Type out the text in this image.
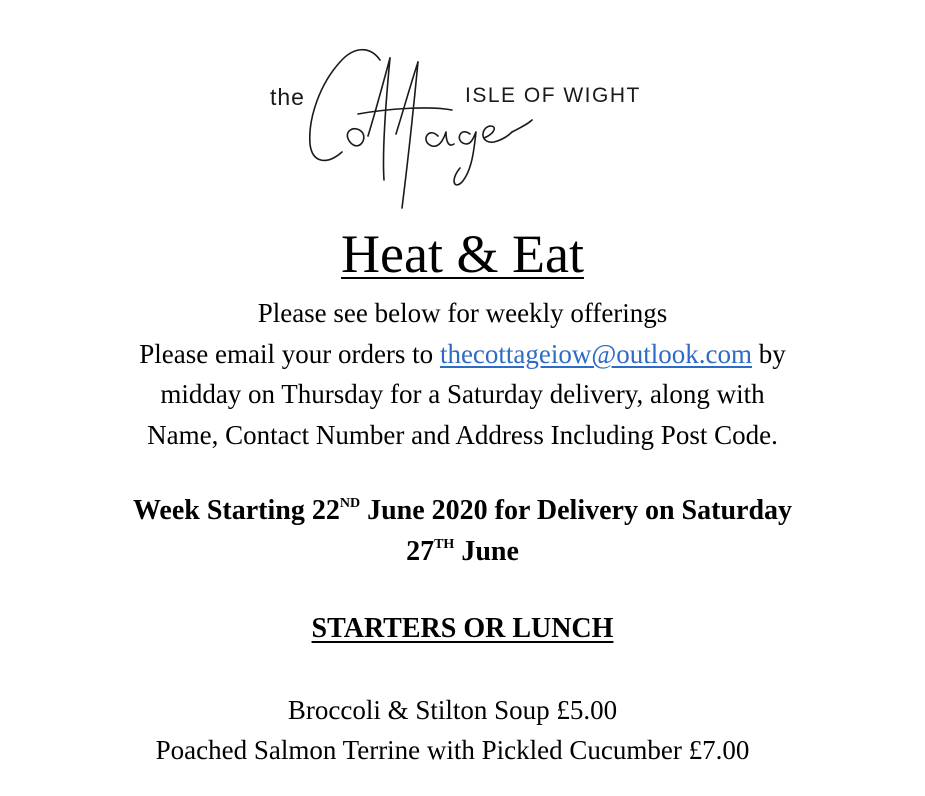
the	ISLE OF WIGHT
Heat & Eat
Please see below for weekly offerings
Please email your orders to thecottageiow@outlook.com by
midday on Thursday for a Saturday delivery, along with
Name, Contact Number and Address Including Post Code.
Week Starting 22ND June 2020 for Delivery on Saturday
27TH June
STARTERS OR LUNCH
Broccoli & Stilton Soup £5.00
Poached Salmon Terrine with Pickled Cucumber £7.00
